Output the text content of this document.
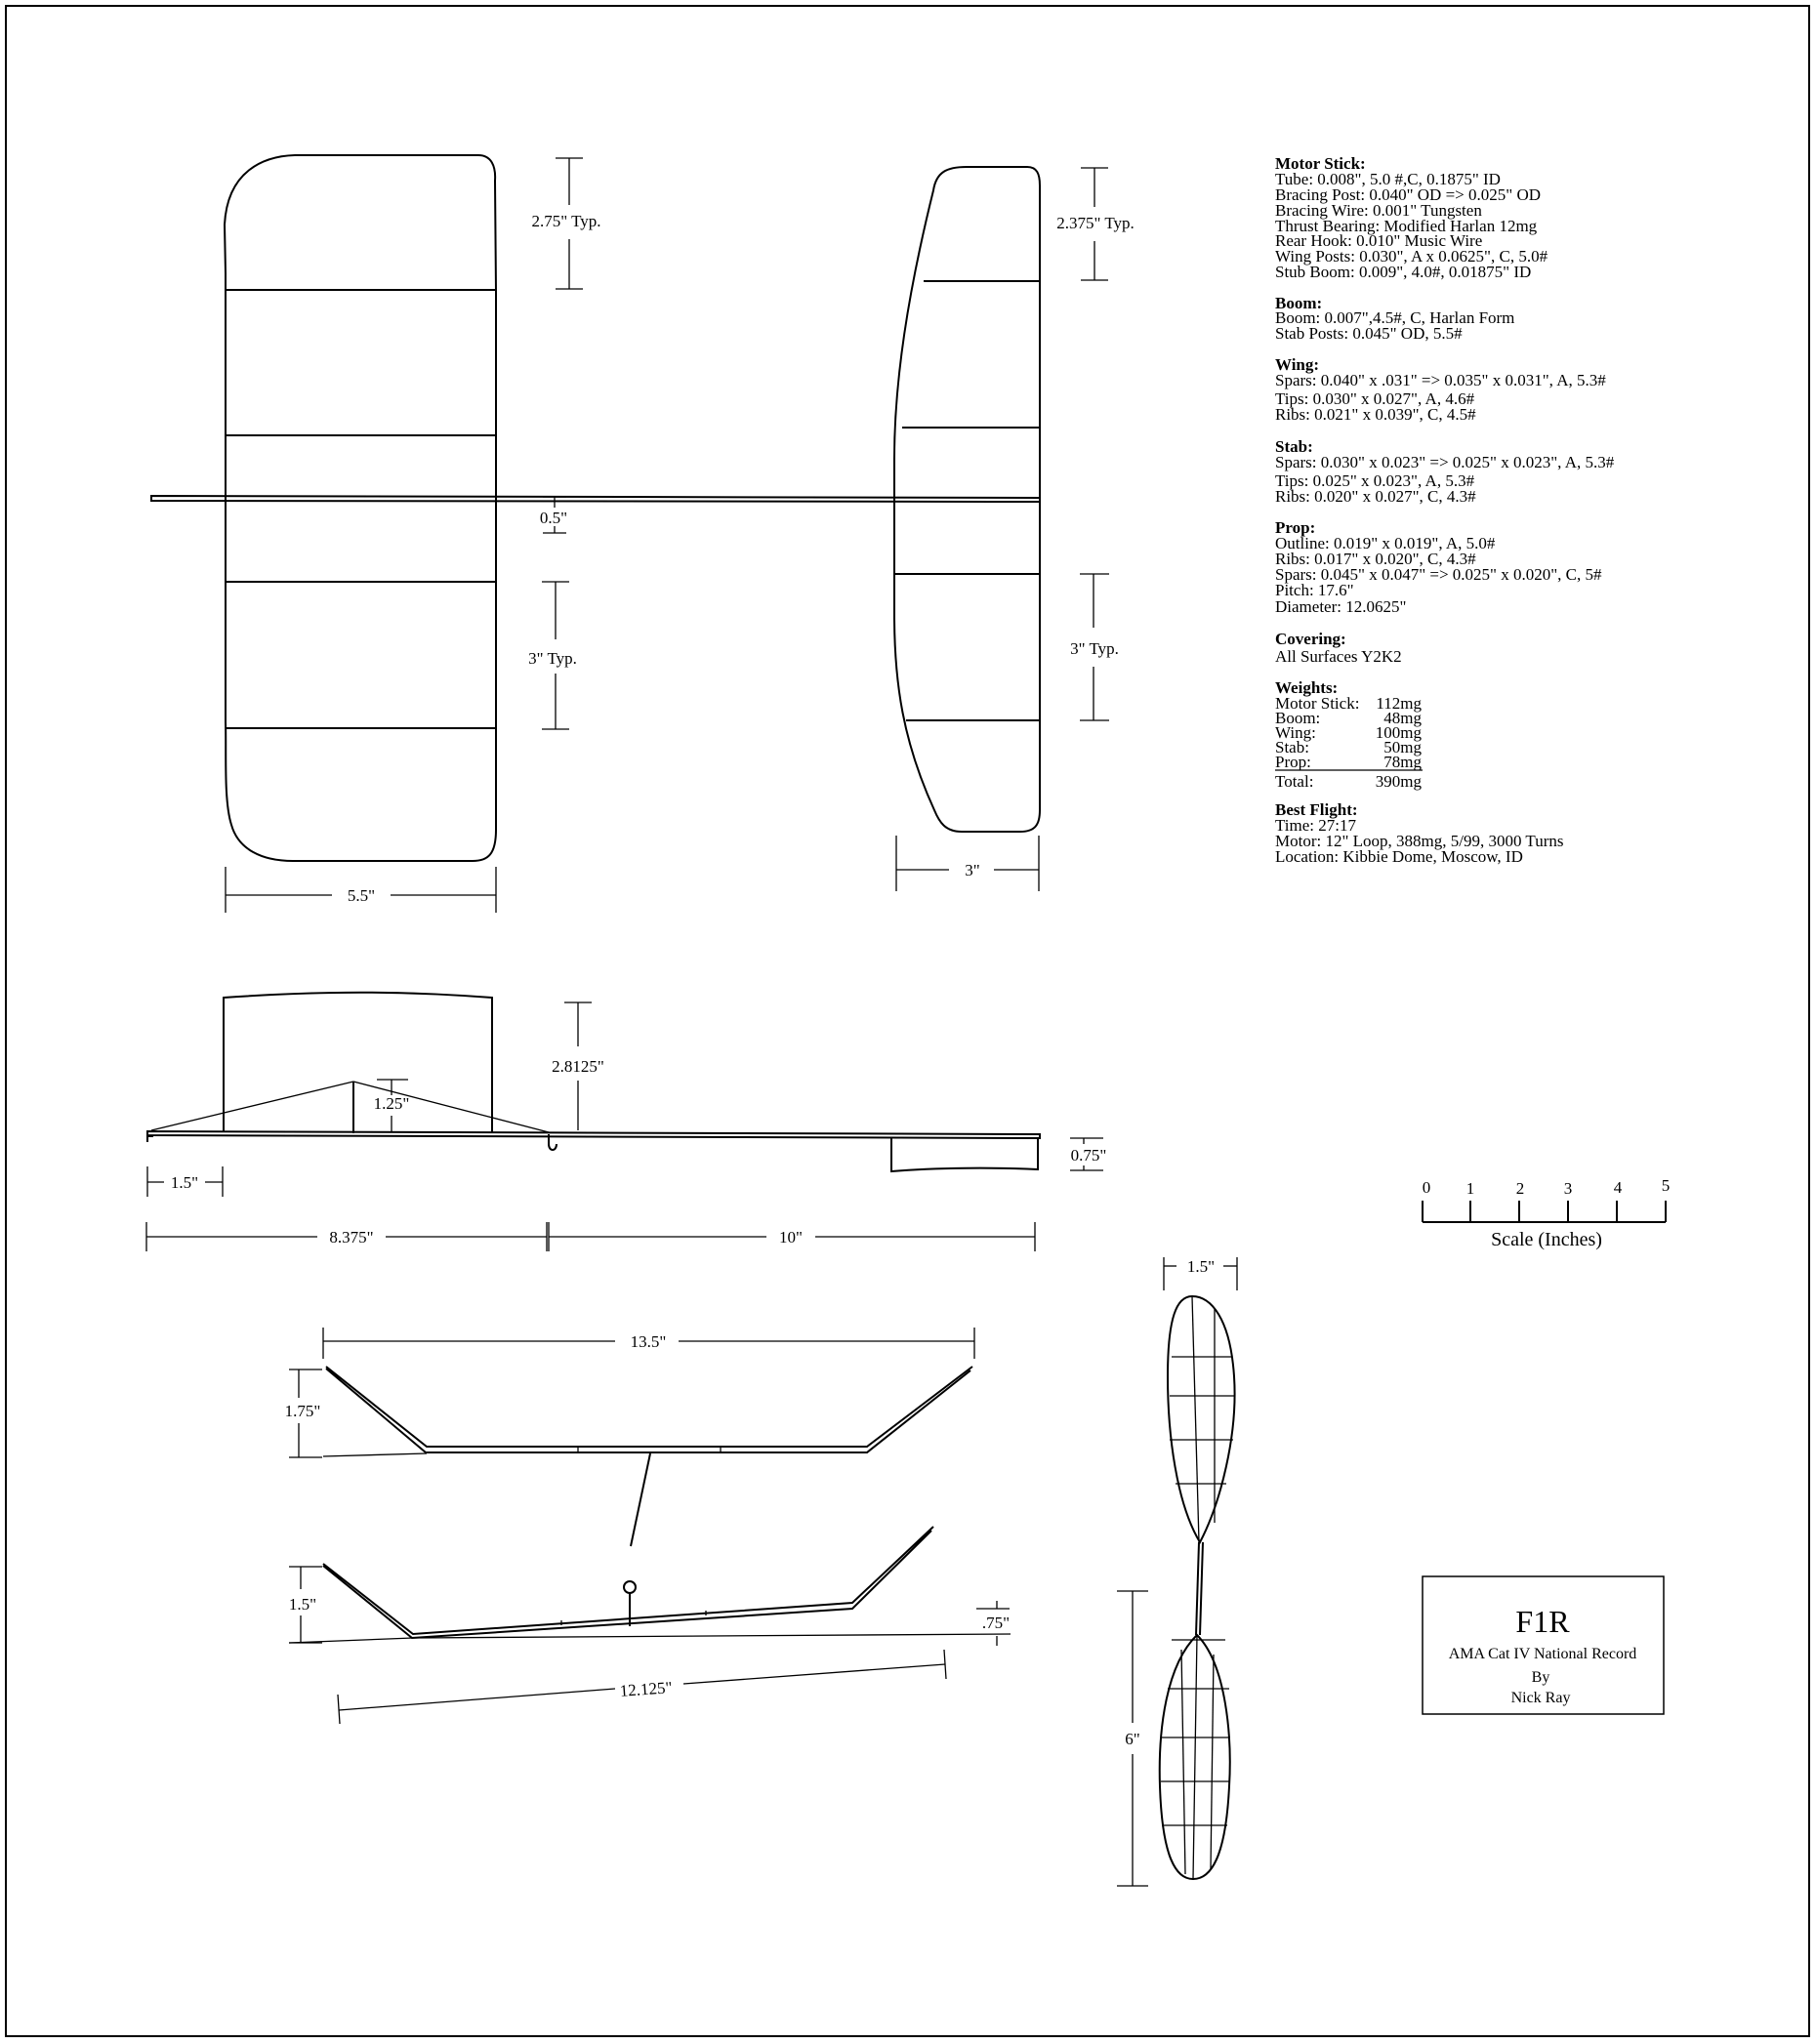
2.75" Typ.
0.5"
3" Typ.
5.5"
2.375" Typ.
3" Typ.
3"
Motor Stick:
Tube: 0.008", 5.0 #,C, 0.1875" ID
Bracing Post: 0.040" OD => 0.025" OD
Bracing Wire: 0.001" Tungsten
Thrust Bearing: Modified Harlan 12mg
Rear Hook: 0.010" Music Wire
Wing Posts: 0.030", A x 0.0625", C, 5.0#
Stub Boom: 0.009", 4.0#, 0.01875" ID
Boom:
Boom: 0.007",4.5#, C, Harlan Form
Stab Posts: 0.045" OD, 5.5#
Wing:
Spars: 0.040" x .031" => 0.035" x 0.031", A, 5.3#
Tips: 0.030" x 0.027", A, 4.6#
Ribs: 0.021" x 0.039", C, 4.5#
Stab:
Spars: 0.030" x 0.023" => 0.025" x 0.023", A, 5.3#
Tips: 0.025" x 0.023", A, 5.3#
Ribs: 0.020" x 0.027", C, 4.3#
Prop:
Outline: 0.019" x 0.019", A, 5.0#
Ribs: 0.017" x 0.020", C, 4.3#
Spars: 0.045" x 0.047" => 0.025" x 0.020", C, 5#
Pitch: 17.6"
Diameter: 12.0625"
Covering:
All Surfaces Y2K2
Weights:
Motor Stick: 112mg
Boom:	48mg
Wing:	100mg
Stab:	50mg
Prop:	78mg
Total:	390mg
Best Flight:
Time: 27:17
Motor: 12" Loop, 388mg, 5/99, 3000 Turns
Location: Kibbie Dome, Moscow, ID
2.8125"
1.25"
0.75"
1.5"
8.375"	10"
0 1	2 3	4 5
Scale (Inches)
13.5"
1.75"
1.5"
.75"
12.125"
1.5"
6"
F1R
AMA Cat IV National Record
By
Nick Ray
